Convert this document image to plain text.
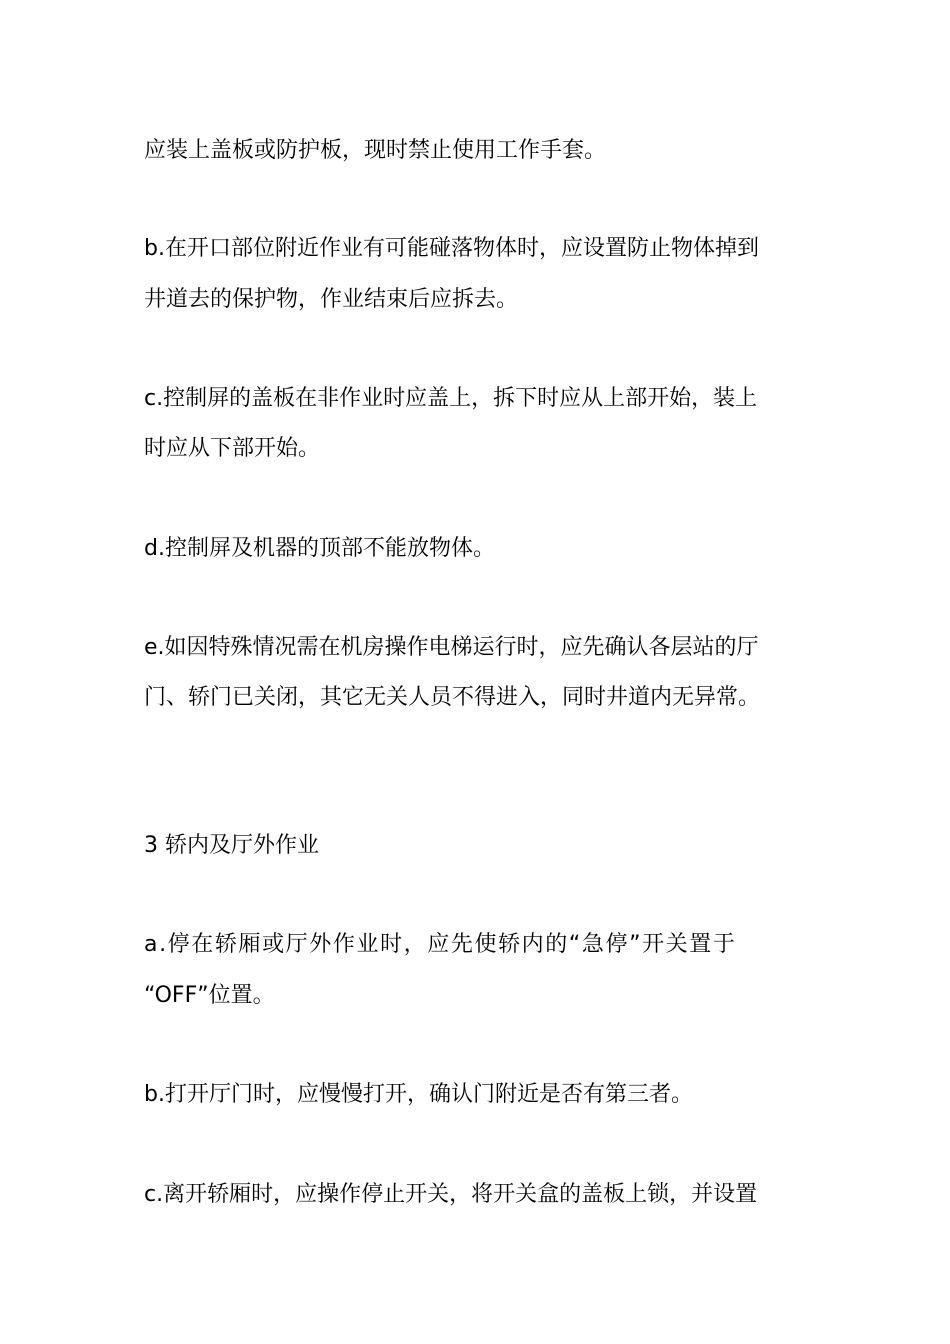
应装上盖板或防护板，现时禁止使用工作手套。
b.在开口部位附近作业有可能碰落物体时，应设置防止物体掉到
井道去的保护物，作业结束后应拆去。
c.控制屏的盖板在非作业时应盖上，拆下时应从上部开始，装上
时应从下部开始。
d.控制屏及机器的顶部不能放物体。
e.如因特殊情况需在机房操作电梯运行时，应先确认各层站的厅
门、轿门已关闭，其它无关人员不得进入，同时井道内无异常。
3 轿内及厅外作业
a.停在轿厢或厅外作业时，应先使轿内的“急停”开关置于
“OFF”位置。
b.打开厅门时，应慢慢打开，确认门附近是否有第三者。
c.离开轿厢时，应操作停止开关，将开关盒的盖板上锁，并设置
